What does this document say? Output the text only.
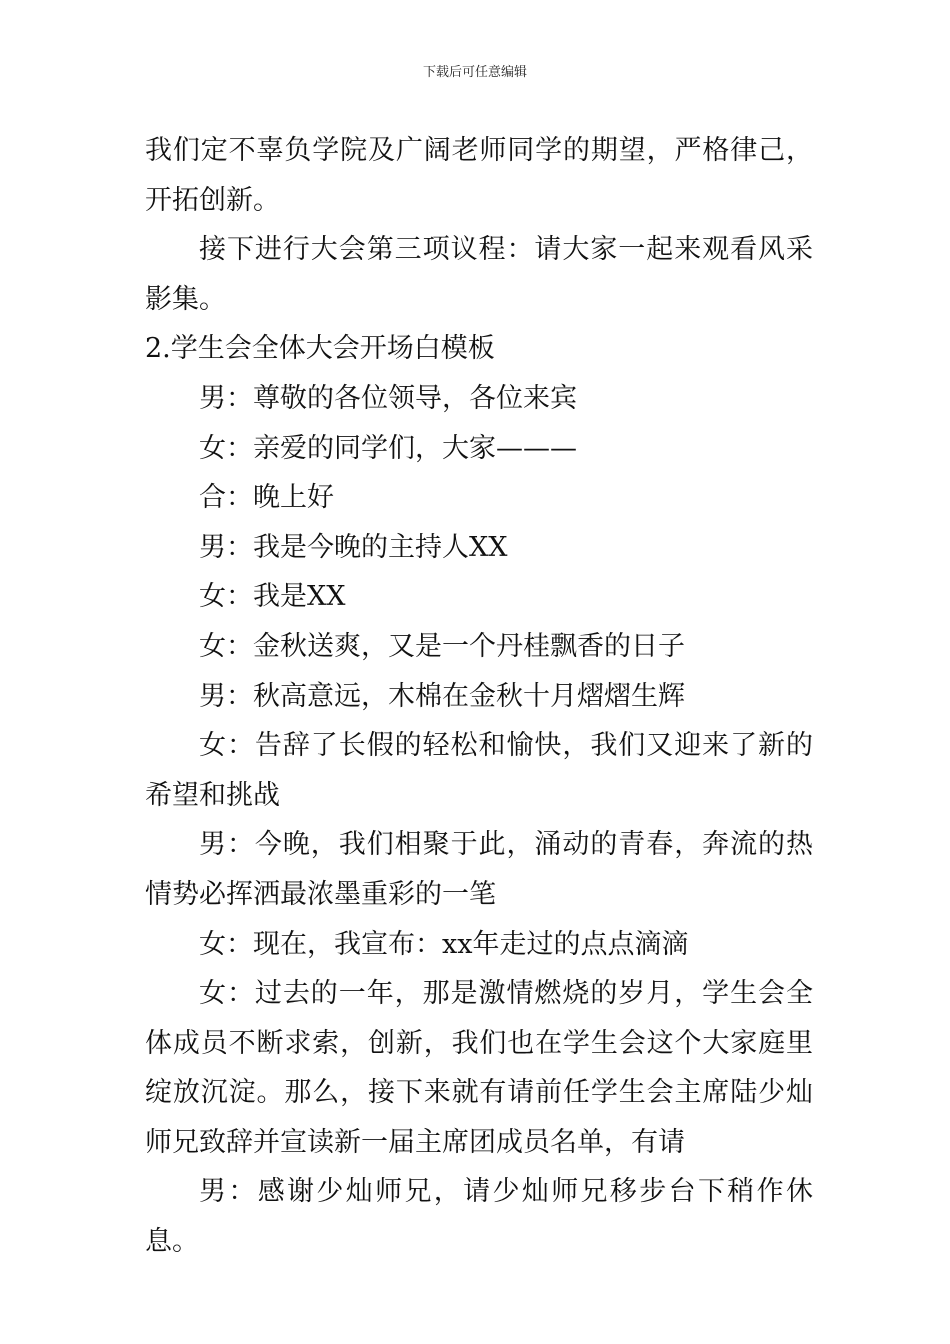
下载后可任意编辑

我们定不辜负学院及广阔老师同学的期望，严格律己，开拓创新。

接下进行大会第三项议程：请大家一起来观看风采影集。

2.学生会全体大会开场白模板

男：尊敬的各位领导，各位来宾

女：亲爱的同学们，大家———

合：晚上好

男：我是今晚的主持人XX

女：我是XX

女：金秋送爽，又是一个丹桂飘香的日子

男：秋高意远，木棉在金秋十月熠熠生辉

女：告辞了长假的轻松和愉快，我们又迎来了新的希望和挑战

男：今晚，我们相聚于此，涌动的青春，奔流的热情势必挥洒最浓墨重彩的一笔

女：现在，我宣布：xx年走过的点点滴滴

女：过去的一年，那是激情燃烧的岁月，学生会全体成员不断求索，创新，我们也在学生会这个大家庭里绽放沉淀。那么，接下来就有请前任学生会主席陆少灿师兄致辞并宣读新一届主席团成员名单，有请

男：感谢少灿师兄，请少灿师兄移步台下稍作休息。
